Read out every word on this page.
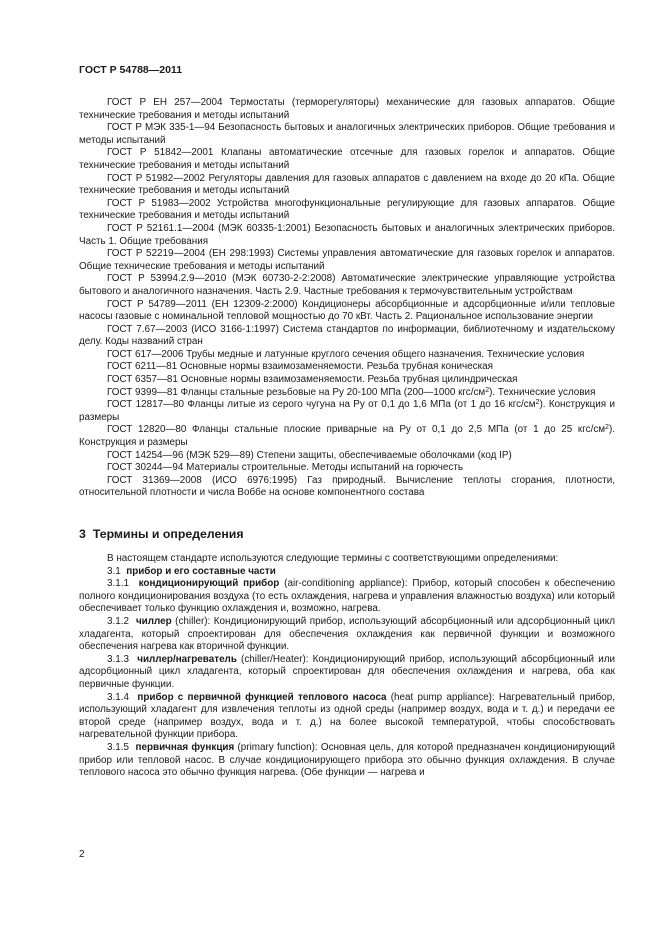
ГОСТ Р 54788—2011

ГОСТ Р ЕН 257—2004 Термостаты (терморегуляторы) механические для газовых аппаратов. Общие технические требования и методы испытаний

ГОСТ Р МЭК 335-1—94 Безопасность бытовых и аналогичных электрических приборов. Общие требования и методы испытаний

ГОСТ Р 51842—2001 Клапаны автоматические отсечные для газовых горелок и аппаратов. Общие технические требования и методы испытаний

ГОСТ Р 51982—2002 Регуляторы давления для газовых аппаратов с давлением на входе до 20 кПа. Общие технические требования и методы испытаний

ГОСТ Р 51983—2002 Устройства многофункциональные регулирующие для газовых аппаратов. Общие технические требования и методы испытаний

ГОСТ Р 52161.1—2004 (МЭК 60335-1:2001) Безопасность бытовых и аналогичных электрических приборов. Часть 1. Общие требования

ГОСТ Р 52219—2004 (ЕН 298:1993) Системы управления автоматические для газовых горелок и аппаратов. Общие технические требования и методы испытаний

ГОСТ Р 53994.2.9—2010 (МЭК 60730-2-2:2008) Автоматические электрические управляющие устройства бытового и аналогичного назначения. Часть 2.9. Частные требования к термочувствительным устройствам

ГОСТ Р 54789—2011 (ЕН 12309-2:2000) Кондиционеры абсорбционные и адсорбционные и/или тепловые насосы газовые с номинальной тепловой мощностью до 70 кВт. Часть 2. Рациональное использование энергии

ГОСТ 7.67—2003 (ИСО 3166-1:1997) Система стандартов по информации, библиотечному и издательскому делу. Коды названий стран

ГОСТ 617—2006 Трубы медные и латунные круглого сечения общего назначения. Технические условия

ГОСТ 6211—81 Основные нормы взаимозаменяемости. Резьба трубная коническая

ГОСТ 6357—81 Основные нормы взаимозаменяемости. Резьба трубная цилиндрическая

ГОСТ 9399—81 Фланцы стальные резьбовые на Ру 20-100 МПа (200—1000 кгс/$см^2$). Технические условия

ГОСТ 12817—80 Фланцы литые из серого чугуна на Ру от 0,1 до 1,6 МПа (от 1 до 16 кгс/$см^2$). Конструкция и размеры

ГОСТ 12820—80 Фланцы стальные плоские приварные на Ру от 0,1 до 2,5 МПа (от 1 до 25 кгс/$см^2$). Конструкция и размеры

ГОСТ 14254—96 (МЭК 529—89) Степени защиты, обеспечиваемые оболочками (код IP)

ГОСТ 30244—94 Материалы строительные. Методы испытаний на горючесть

ГОСТ 31369—2008 (ИСО 6976:1995) Газ природный. Вычисление теплоты сгорания, плотности, относительной плотности и числа Воббе на основе компонентного состава

3 Термины и определения

В настоящем стандарте используются следующие термины с соответствующими определениями:

3.1 прибор и его составные части

3.1.1 кондиционирующий прибор (air-conditioning appliance): Прибор, который способен к обеспечению полного кондиционирования воздуха (то есть охлаждения, нагрева и управления влажностью воздуха) или который обеспечивает только функцию охлаждения и, возможно, нагрева.

3.1.2 чиллер (chiller): Кондиционирующий прибор, использующий абсорбционный или адсорбционный цикл хладагента, который спроектирован для обеспечения охлаждения как первичной функции и возможного обеспечения нагрева как вторичной функции.

3.1.3 чиллер/нагреватель (chiller/Heater): Кондиционирующий прибор, использующий абсорбционный или адсорбционный цикл хладагента, который спроектирован для обеспечения охлаждения и нагрева, оба как первичные функции.

3.1.4 прибор с первичной функцией теплового насоса (heat pump appliance): Нагревательный прибор, использующий хладагент для извлечения теплоты из одной среды (например воздух, вода и т. д.) и передачи ее второй среде (например воздух, вода и т. д.) на более высокой температурой, чтобы способствовать нагревательной функции прибора.

3.1.5 первичная функция (primary function): Основная цель, для которой предназначен кондиционирующий прибор или тепловой насос. В случае кондиционирующего прибора это обычно функция охлаждения. В случае теплового насоса это обычно функция нагрева. (Обе функции — нагрева и

2
